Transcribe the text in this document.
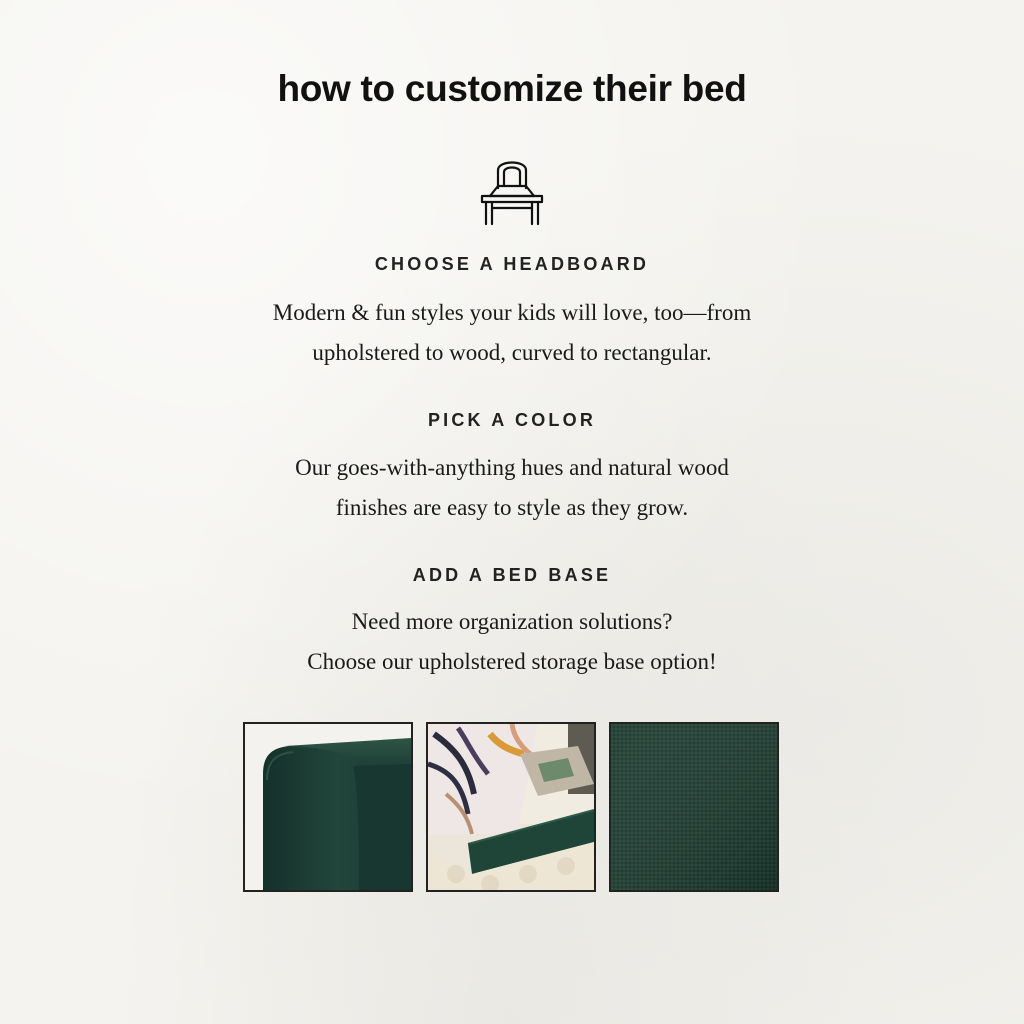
how to customize their bed
CHOOSE A HEADBOARD
Modern & fun styles your kids will love, too—from
upholstered to wood, curved to rectangular.
PICK A COLOR
Our goes-with-anything hues and natural wood
finishes are easy to style as they grow.
ADD A BED BASE
Need more organization solutions?
Choose our upholstered storage base option!
